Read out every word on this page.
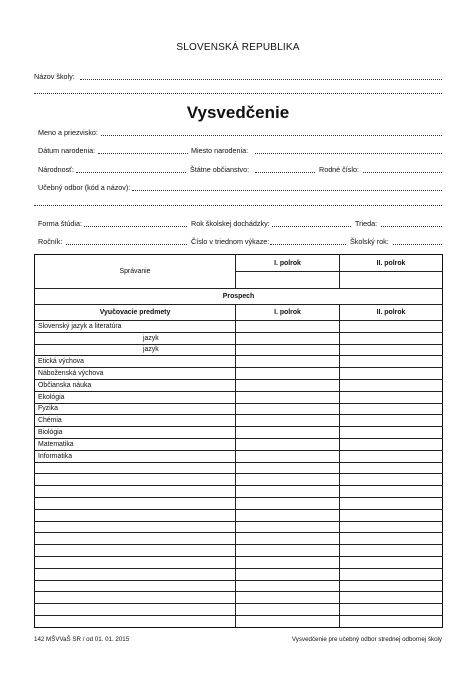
SLOVENSKÁ REPUBLIKA
Názov školy:
Vysvedčenie
Meno a priezvisko:
Dátum narodenia:	Miesto narodenia:
Národnosť:	Štátne občianstvo:	Rodné číslo:
Učebný odbor (kód a názov):
Forma štúdia:	Rok školskej dochádzky:	Trieda:
Ročník:	Číslo v triednom výkaze:	Školský rok:
Správanie	I. polrok	II. polrok

Prospech		
Vyučovacie predmety	I. polrok	II. polrok
Slovenský jazyk a literatúra		
jazyk		
jazyk		
Etická výchova		
Náboženská výchova		
Občianska náuka		
Ekológia		
Fyzika		
Chémia		
Biológia		
Matematika		
Informatika		

142 MŠVVaŠ SR / od 01. 01. 2015	Vysvedčenie pre učebný odbor strednej odbornej školy
